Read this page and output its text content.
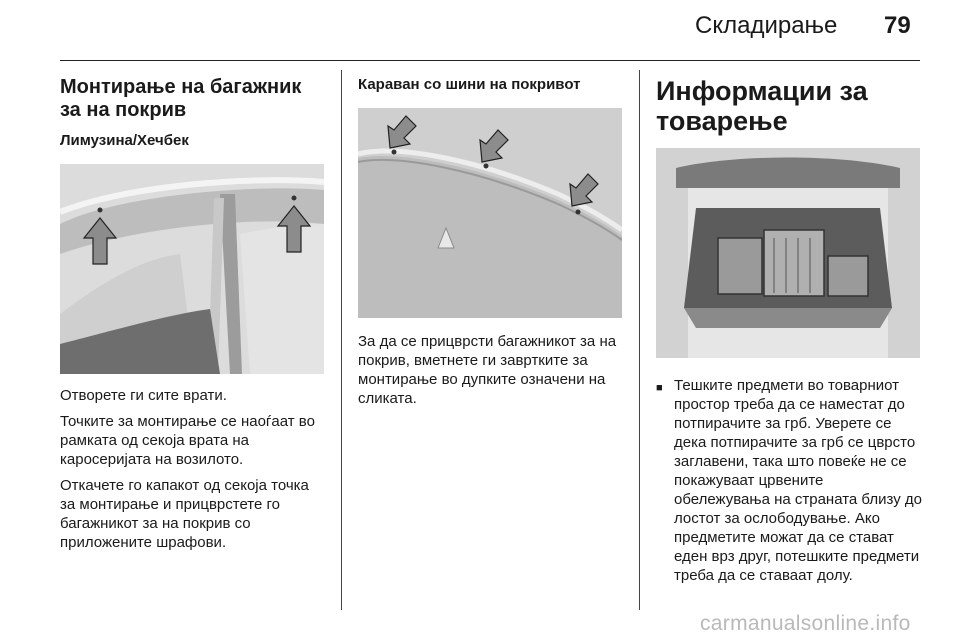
Складирање 79
Монтирање на багажник за на покрив
Лимузина/Хечбек

Отворете ги сите врати.

Точките за монтирање се наоѓаат во рамката од секоја врата на каросеријата на возилото.

Откачете го капакот од секоја точка за монтирање и прицврстете го багажникот за на покрив со приложените шрафови.

Караван со шини на покривот

За да се прицврсти багажникот за на покрив, вметнете ги завртките за монтирање во дупките означени на сликата.

Информации за товарење
■ Тешките предмети во товарниот простор треба да се наместат до потпирачите за грб. Уверете се дека потпирачите за грб се цврсто заглавени, така што повеќе не се покажуваат црвените обележувања на страната близу до лостот за ослободување. Ако предметите можат да се стават еден врз друг, потешките предмети треба да се ставаат долу.
carmanualsonline.info
